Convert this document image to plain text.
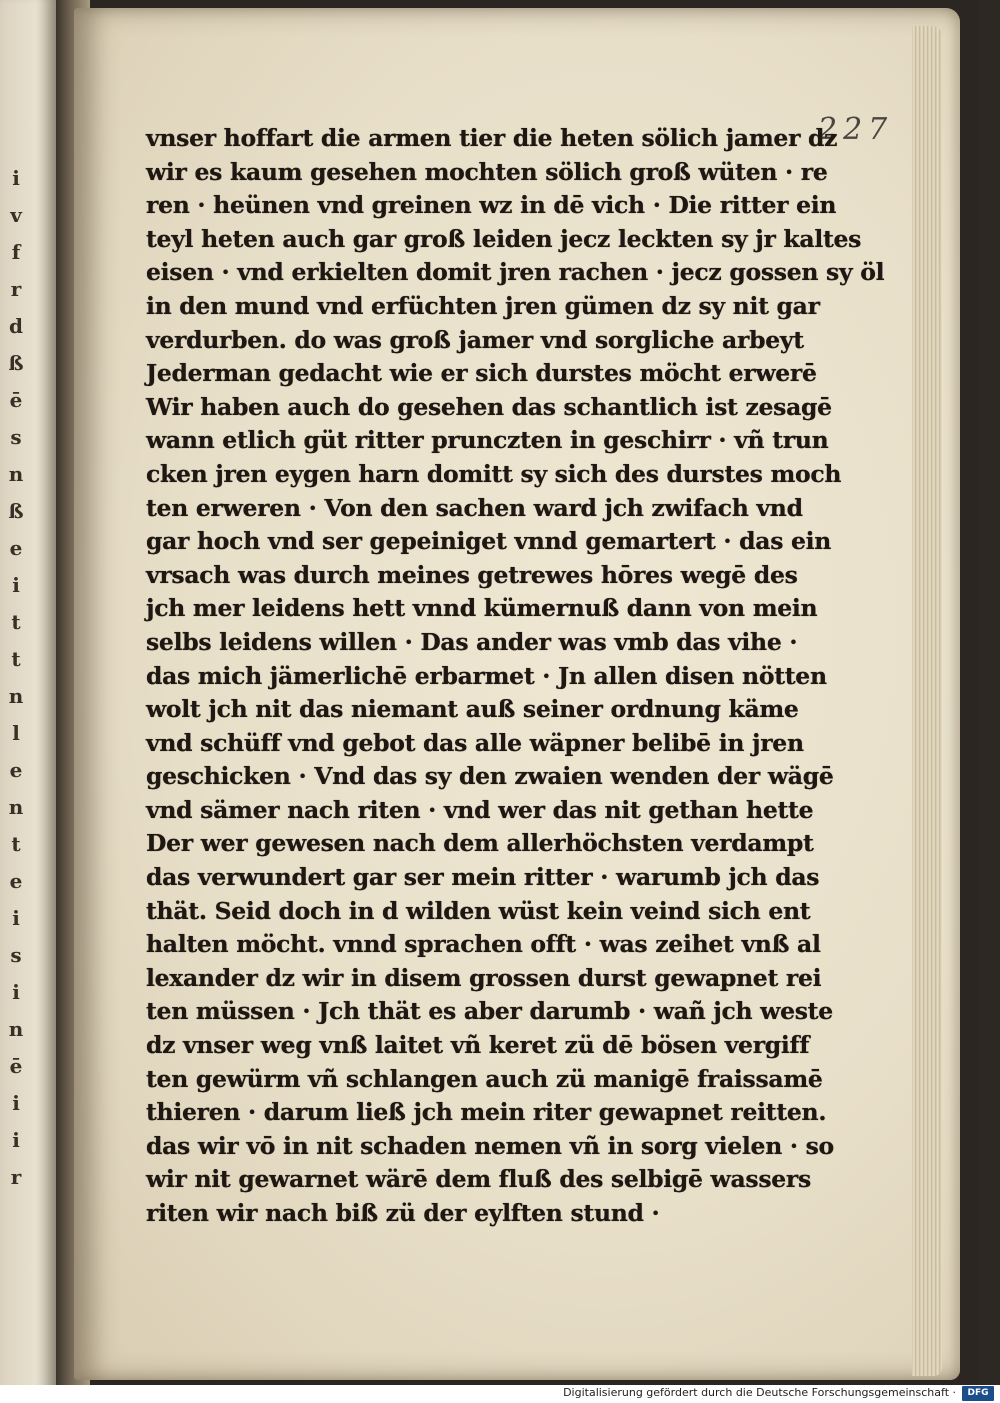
i
v
f
r
d
ß
ē
s
n
ß
e
i
t
t
n
l
e
n
t
e
i
s
i
n
ē
i
i
r
227
vnser hoffart die armen tier die heten sölich jamer dz
wir es kaum gesehen mochten sölich groß wüten · re
ren · heünen vnd greinen wz in dē vich · Die ritter ein
teyl heten auch gar groß leiden jecz leckten sy jr kaltes
eisen · vnd erkielten domit jren rachen · jecz gossen sy öl
in den mund vnd erfüchten jren gümen dz sy nit gar
verdurben. do was groß jamer vnd sorgliche arbeyt
Jederman gedacht wie er sich durstes möcht erwerē
Wir haben auch do gesehen das schantlich ist zesagē
wann etlich güt ritter prunczten in geschirr · vñ trun
cken jren eygen harn domitt sy sich des durstes moch
ten erweren · Von den sachen ward jch zwifach vnd
gar hoch vnd ser gepeiniget vnnd gemartert · das ein
vrsach was durch meines getrewes hōres wegē des
jch mer leidens hett vnnd kümernuß dann von mein
selbs leidens willen · Das ander was vmb das vihe ·
das mich jämerlichē erbarmet · Jn allen disen nötten
wolt jch nit das niemant auß seiner ordnung käme
vnd schüff vnd gebot das alle wäpner belibē in jren
geschicken · Vnd das sy den zwaien wenden der wägē
vnd sämer nach riten · vnd wer das nit gethan hette
Der wer gewesen nach dem allerhöchsten verdampt
das verwundert gar ser mein ritter · warumb jch das
thät. Seid doch in d wilden wüst kein veind sich ent
halten möcht. vnnd sprachen offt · was zeihet vnß al
lexander dz wir in disem grossen durst gewapnet rei
ten müssen · Jch thät es aber darumb · wañ jch weste
dz vnser weg vnß laitet vñ keret zü dē bösen vergiff
ten gewürm vñ schlangen auch zü manigē fraissamē
thieren · darum ließ jch mein riter gewapnet reitten.
das wir vō in nit schaden nemen vñ in sorg vielen · so
wir nit gewarnet wärē dem fluß des selbigē wassers
riten wir nach biß zü der eylften stund ·
Digitalisierung gefördert durch die Deutsche Forschungsgemeinschaft ·	DFG
